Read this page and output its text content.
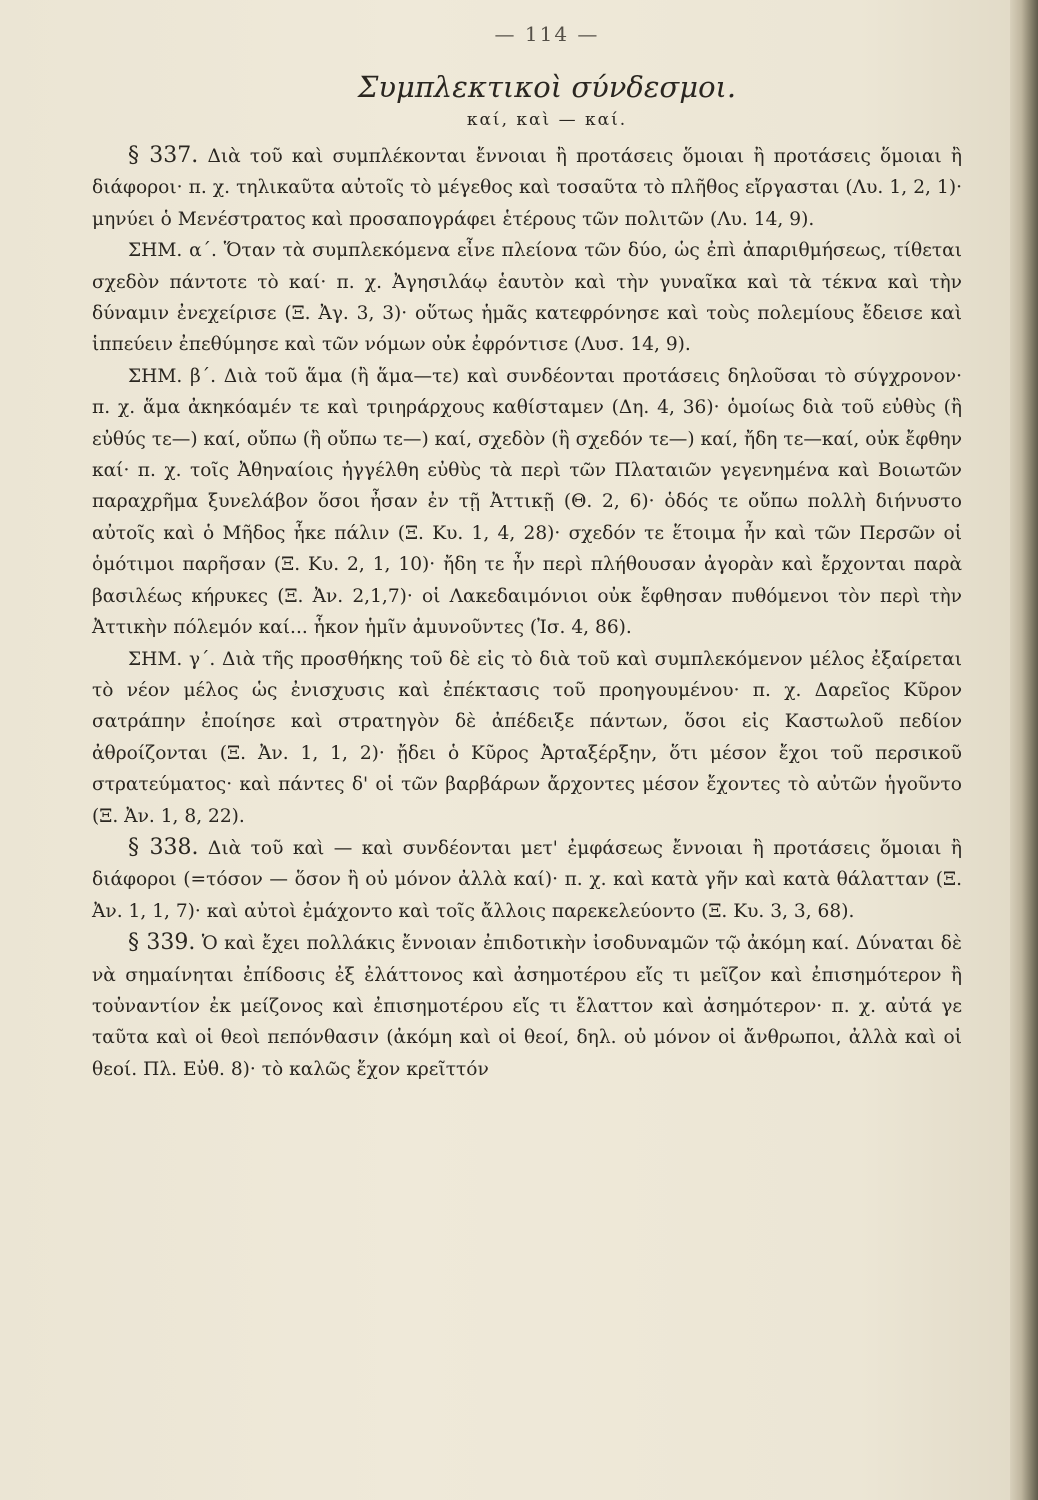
— 114 —
Συμπλεκτικοὶ σύνδεσμοι.
καί, καὶ — καί.

§ 337. Διὰ τοῦ καὶ συμπλέκονται ἔννοιαι ἢ προτάσεις ὅμοιαι ἢ προτάσεις ὅμοιαι ἢ διάφοροι· π. χ. τηλικαῦτα αὐτοῖς τὸ μέγεθος καὶ τοσαῦτα τὸ πλῆθος εἴργασται (Λυ. 1, 2, 1)· μηνύει ὁ Μενέστρατος καὶ προσαπογράφει ἑτέρους τῶν πολιτῶν (Λυ. 14, 9).

ΣΗΜ. α΄. Ὅταν τὰ συμπλεκόμενα εἶνε πλείονα τῶν δύο, ὡς ἐπὶ ἀπαριθμήσεως, τίθεται σχεδὸν πάντοτε τὸ καί· π. χ. Ἀγησιλάῳ ἑαυτὸν καὶ τὴν γυναῖκα καὶ τὰ τέκνα καὶ τὴν δύναμιν ἐνεχείρισε (Ξ. Ἀγ. 3, 3)· οὕτως ἡμᾶς κατεφρόνησε καὶ τοὺς πολεμίους ἔδεισε καὶ ἱππεύειν ἐπεθύμησε καὶ τῶν νόμων οὐκ ἐφρόντισε (Λυσ. 14, 9).

ΣΗΜ. β΄. Διὰ τοῦ ἅμα (ἢ ἅμα—τε) καὶ συνδέονται προτάσεις δηλοῦσαι τὸ σύγχρονον· π. χ. ἅμα ἀκηκόαμέν τε καὶ τριηράρχους καθίσταμεν (Δη. 4, 36)· ὁμοίως διὰ τοῦ εὐθὺς (ἢ εὐθύς τε—) καί, οὔπω (ἢ οὔπω τε—) καί, σχεδὸν (ἢ σχεδόν τε—) καί, ἤδη τε—καί, οὐκ ἔφθην καί· π. χ. τοῖς Ἀθηναίοις ἠγγέλθη εὐθὺς τὰ περὶ τῶν Πλαταιῶν γεγενημένα καὶ Βοιωτῶν παραχρῆμα ξυνελάβον ὅσοι ἦσαν ἐν τῇ Ἀττικῇ (Θ. 2, 6)· ὁδός τε οὔπω πολλὴ διήνυστο αὐτοῖς καὶ ὁ Μῆδος ἧκε πάλιν (Ξ. Κυ. 1, 4, 28)· σχεδόν τε ἕτοιμα ἦν καὶ τῶν Περσῶν οἱ ὁμότιμοι παρῆσαν (Ξ. Κυ. 2, 1, 10)· ἤδη τε ἦν περὶ πλήθουσαν ἀγορὰν καὶ ἔρχονται παρὰ βασιλέως κήρυκες (Ξ. Ἀν. 2,1,7)· οἱ Λακεδαιμόνιοι οὐκ ἔφθησαν πυθόμενοι τὸν περὶ τὴν Ἀττικὴν πόλεμόν καί... ἧκον ἡμῖν ἀμυνοῦντες (Ἰσ. 4, 86).

ΣΗΜ. γ΄. Διὰ τῆς προσθήκης τοῦ δὲ εἰς τὸ διὰ τοῦ καὶ συμπλεκόμενον μέλος ἐξαίρεται τὸ νέον μέλος ὡς ἐνισχυσις καὶ ἐπέκτασις τοῦ προηγουμένου· π. χ. Δαρεῖος Κῦρον σατράπην ἐποίησε καὶ στρατηγὸν δὲ ἀπέδειξε πάντων, ὅσοι εἰς Καστωλοῦ πεδίον ἀθροίζονται (Ξ. Ἀν. 1, 1, 2)· ᾔδει ὁ Κῦρος Ἀρταξέρξην, ὅτι μέσον ἔχοι τοῦ περσικοῦ στρατεύματος· καὶ πάντες δ' οἱ τῶν βαρβάρων ἄρχοντες μέσον ἔχοντες τὸ αὐτῶν ἡγοῦντο (Ξ. Ἀν. 1, 8, 22).

§ 338. Διὰ τοῦ καὶ — καὶ συνδέονται μετ' ἐμφάσεως ἔννοιαι ἢ προτάσεις ὅμοιαι ἢ διάφοροι (=τόσον — ὅσον ἢ οὐ μόνον ἀλλὰ καί)· π. χ. καὶ κατὰ γῆν καὶ κατὰ θάλατταν (Ξ. Ἀν. 1, 1, 7)· καὶ αὐτοὶ ἐμάχοντο καὶ τοῖς ἄλλοις παρεκελεύοντο (Ξ. Κυ. 3, 3, 68).

§ 339. Ὁ καὶ ἔχει πολλάκις ἔννοιαν ἐπιδοτικὴν ἰσοδυναμῶν τῷ ἀκόμη καί. Δύναται δὲ νὰ σημαίνηται ἐπίδοσις ἐξ ἐλάττονος καὶ ἀσημοτέρου εἴς τι μεῖζον καὶ ἐπισημότερον ἢ τοὐναντίον ἐκ μείζονος καὶ ἐπισημοτέρου εἴς τι ἔλαττον καὶ ἀσημότερον· π. χ. αὐτά γε ταῦτα καὶ οἱ θεοὶ πεπόνθασιν (ἀκόμη καὶ οἱ θεοί, δηλ. οὐ μόνον οἱ ἄνθρωποι, ἀλλὰ καὶ οἱ θεοί. Πλ. Εὐθ. 8)· τὸ καλῶς ἔχον κρεῖττόν
